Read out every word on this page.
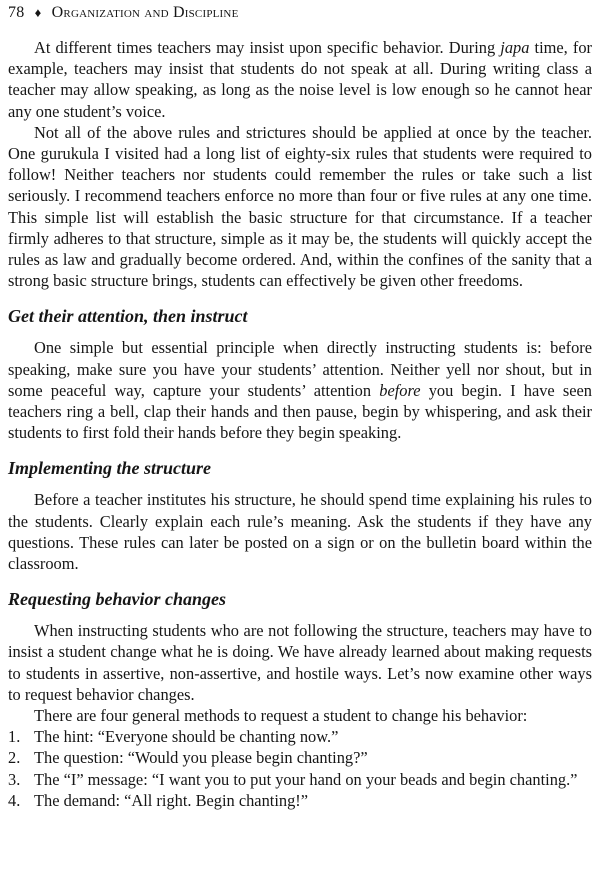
78 ♦ Organization and Discipline

At different times teachers may insist upon specific behavior. During japa time, for example, teachers may insist that students do not speak at all. During writing class a teacher may allow speaking, as long as the noise level is low enough so he cannot hear any one student’s voice.

Not all of the above rules and strictures should be applied at once by the teacher. One gurukula I visited had a long list of eighty-six rules that students were required to follow! Neither teachers nor students could remember the rules or take such a list seriously. I recommend teachers enforce no more than four or five rules at any one time. This simple list will establish the basic structure for that circumstance. If a teacher firmly adheres to that structure, simple as it may be, the students will quickly accept the rules as law and gradually become ordered. And, within the confines of the sanity that a strong basic structure brings, students can effectively be given other freedoms.

Get their attention, then instruct

One simple but essential principle when directly instructing students is: before speaking, make sure you have your students’ attention. Neither yell nor shout, but in some peaceful way, capture your students’ attention before you begin. I have seen teachers ring a bell, clap their hands and then pause, begin by whispering, and ask their students to first fold their hands before they begin speaking.

Implementing the structure

Before a teacher institutes his structure, he should spend time explaining his rules to the students. Clearly explain each rule’s meaning. Ask the students if they have any questions. These rules can later be posted on a sign or on the bulletin board within the classroom.

Requesting behavior changes

When instructing students who are not following the structure, teachers may have to insist a student change what he is doing. We have already learned about making requests to students in assertive, non-assertive, and hostile ways. Let’s now examine other ways to request behavior changes.

There are four general methods to request a student to change his behavior:

1. The hint: “Everyone should be chanting now.”
2. The question: “Would you please begin chanting?”
3. The “I” message: “I want you to put your hand on your beads and begin chanting.”
4. The demand: “All right. Begin chanting!”
